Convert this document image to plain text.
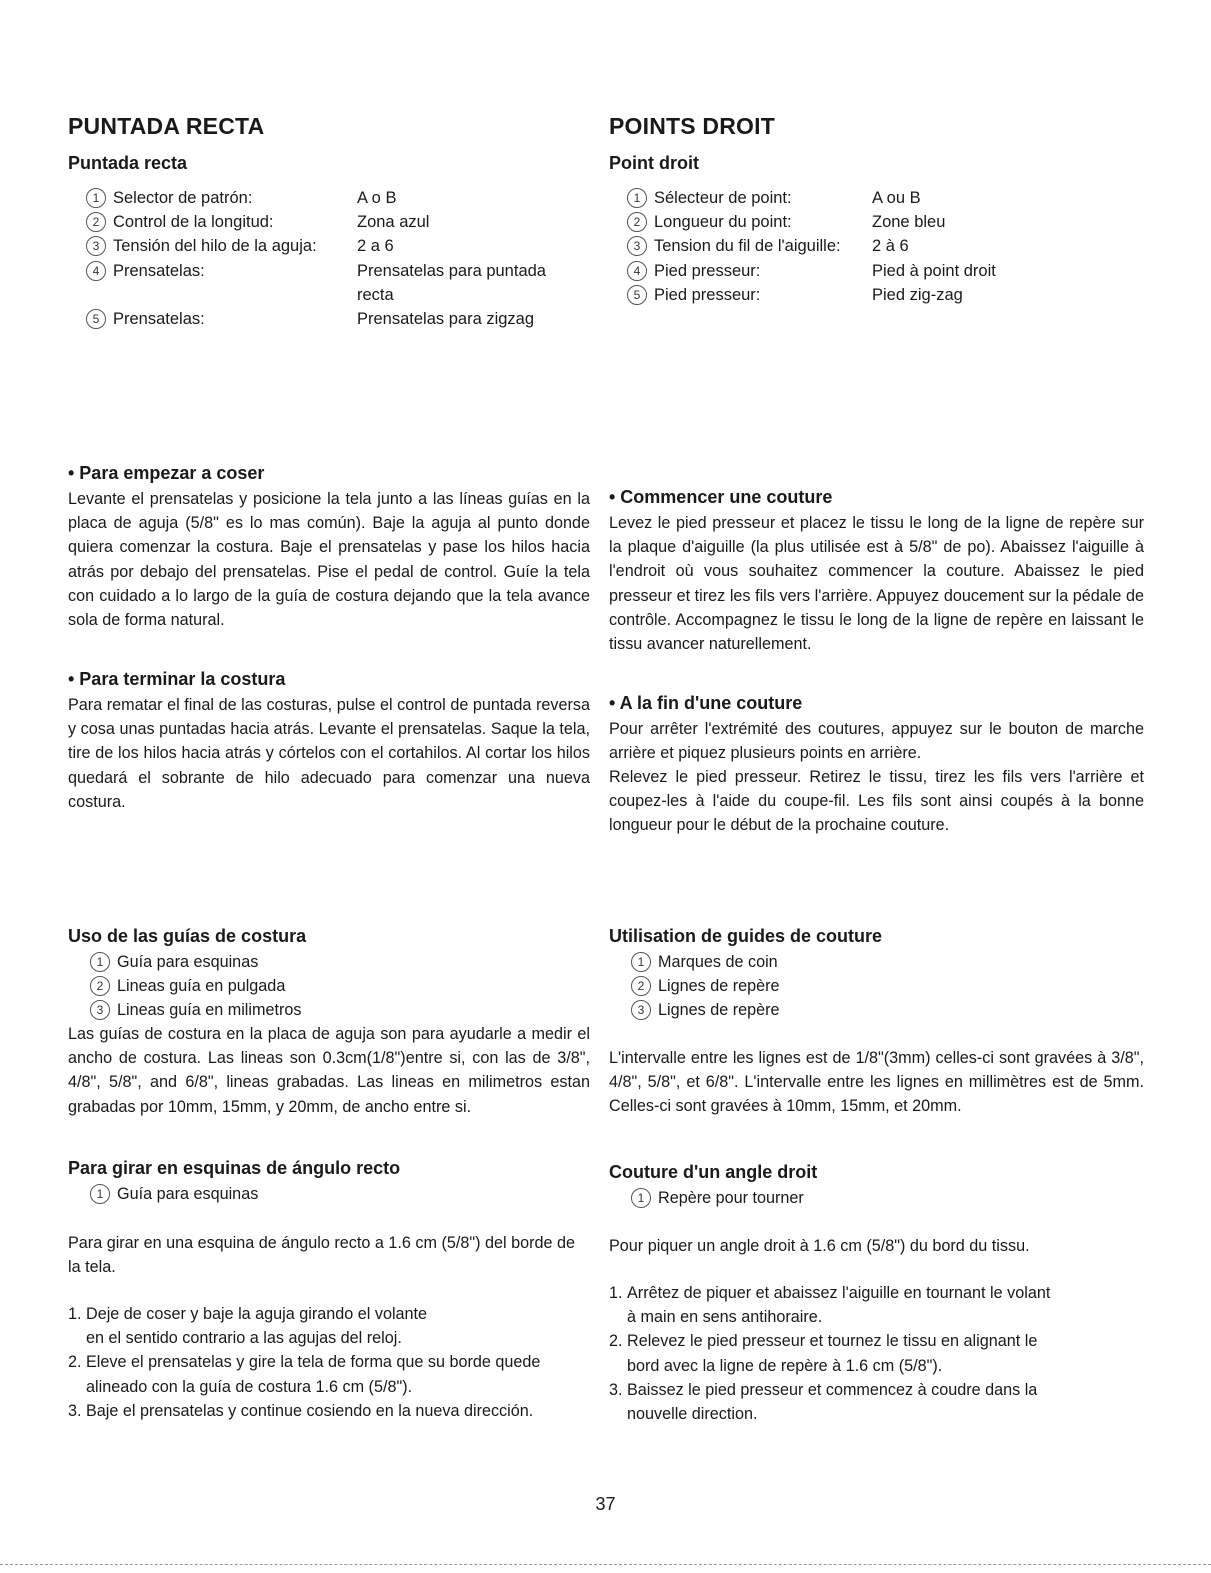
PUNTADA RECTA
Puntada recta
1 Selector de patrón:	A o B
2 Control de la longitud:	Zona azul
3 Tensión del hilo de la aguja: 2 a 6
4 Prensatelas:	Prensatelas para puntada
recta
5 Prensatelas:	Prensatelas para zigzag
• Para empezar a coser

Levante el prensatelas y posicione la tela junto a las líneas guías en la placa de aguja (5/8" es lo mas común). Baje la aguja al punto donde quiera comenzar la costura. Baje el prensatelas y pase los hilos hacia atrás por debajo del prensatelas. Pise el pedal de control. Guíe la tela con cuidado a lo largo de la guía de costura dejando que la tela avance sola de forma natural.

• Para terminar la costura

Para rematar el final de las costuras, pulse el control de puntada reversa y cosa unas puntadas hacia atrás. Levante el prensatelas. Saque la tela, tire de los hilos hacia atrás y córtelos con el cortahilos. Al cortar los hilos quedará el sobrante de hilo adecuado para comenzar una nueva costura.

Uso de las guías de costura
1 Guía para esquinas
2 Lineas guía en pulgada
3 Lineas guía en milimetros

Las guías de costura en la placa de aguja son para ayudarle a medir el ancho de costura. Las lineas son 0.3cm(1/8")entre si, con las de 3/8", 4/8", 5/8", and 6/8", lineas grabadas. Las lineas en milimetros estan grabadas por 10mm, 15mm, y 20mm, de ancho entre si.

Para girar en esquinas de ángulo recto
1 Guía para esquinas

Para girar en una esquina de ángulo recto a 1.6 cm (5/8") del borde de la tela.

1. Deje de coser y baje la aguja girando el volante
en el sentido contrario a las agujas del reloj.
2. Eleve el prensatelas y gire la tela de forma que su borde quede
alineado con la guía de costura 1.6 cm (5/8").
3. Baje el prensatelas y continue cosiendo en la nueva dirección.
POINTS DROIT
Point droit
1 Sélecteur de point:	A ou B
2 Longueur du point:	Zone bleu
3 Tension du fil de l'aiguille: 2 à 6
4 Pied presseur:	Pied à point droit
5 Pied presseur:	Pied zig-zag
• Commencer une couture

Levez le pied presseur et placez le tissu le long de la ligne de repère sur la plaque d'aiguille (la plus utilisée est à 5/8" de po). Abaissez l'aiguille à l'endroit où vous souhaitez commencer la couture. Abaissez le pied presseur et tirez les fils vers l'arrière. Appuyez doucement sur la pédale de contrôle. Accompagnez le tissu le long de la ligne de repère en laissant le tissu avancer naturellement.

• A la fin d'une couture

Pour arrêter l'extrémité des coutures, appuyez sur le bouton de marche arrière et piquez plusieurs points en arrière.

Relevez le pied presseur. Retirez le tissu, tirez les fils vers l'arrière et coupez-les à l'aide du coupe-fil. Les fils sont ainsi coupés à la bonne longueur pour le début de la prochaine couture.

Utilisation de guides de couture
1 Marques de coin
2 Lignes de repère
3 Lignes de repère

L'intervalle entre les lignes est de 1/8"(3mm) celles-ci sont gravées à 3/8", 4/8", 5/8", et 6/8". L'intervalle entre les lignes en millimètres est de 5mm. Celles-ci sont gravées à 10mm, 15mm, et 20mm.

Couture d'un angle droit
1 Repère pour tourner

Pour piquer un angle droit à 1.6 cm (5/8") du bord du tissu.

1. Arrêtez de piquer et abaissez l'aiguille en tournant le volant
à main en sens antihoraire.
2. Relevez le pied presseur et tournez le tissu en alignant le
bord avec la ligne de repère à 1.6 cm (5/8").
3. Baissez le pied presseur et commencez à coudre dans la
nouvelle direction.
37
